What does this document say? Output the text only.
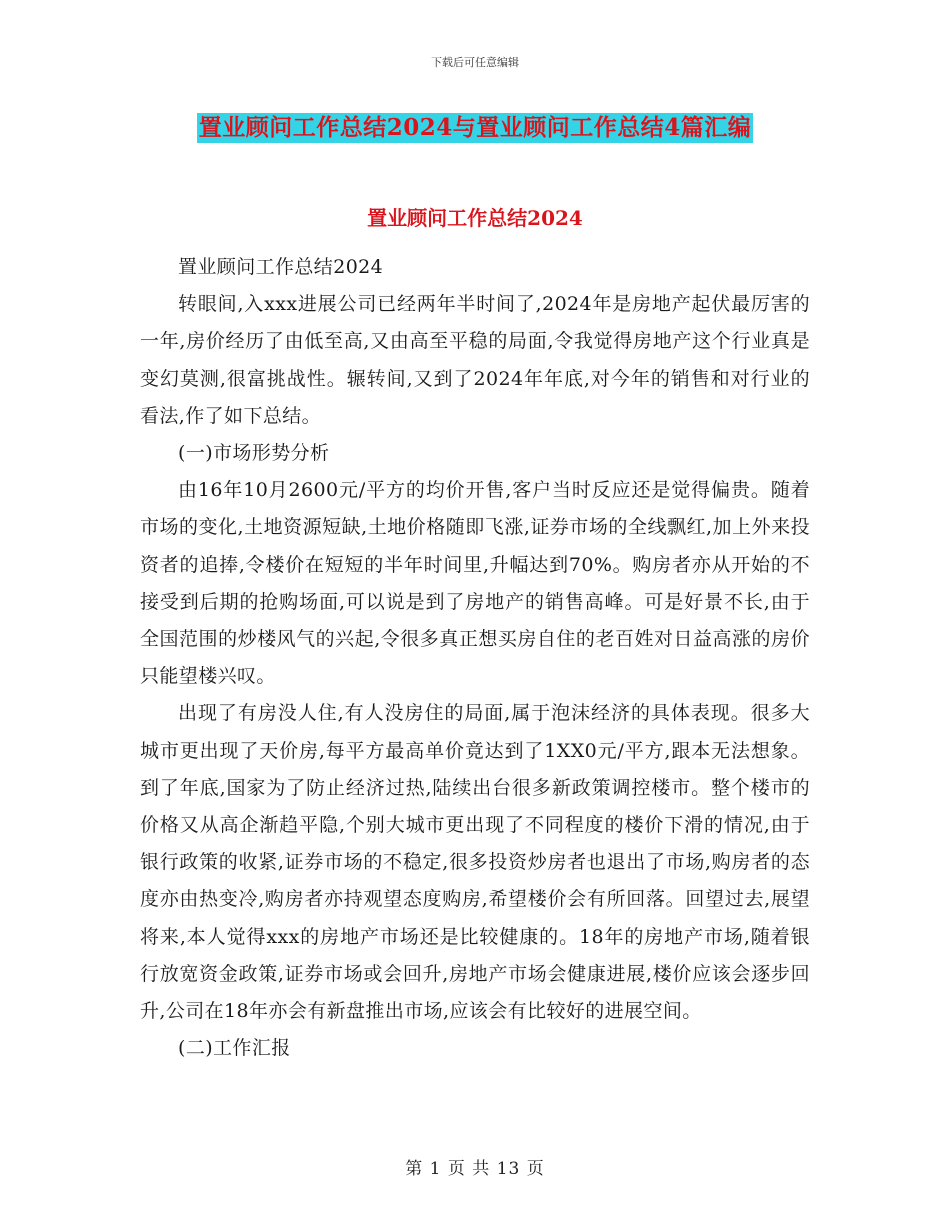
下载后可任意编辑
置业顾问工作总结2024与置业顾问工作总结4篇汇编
置业顾问工作总结2024

置业顾问工作总结2024

转眼间,入xxx进展公司已经两年半时间了,2024年是房地产起伏最厉害的一年,房价经历了由低至高,又由高至平稳的局面,令我觉得房地产这个行业真是变幻莫测,很富挑战性。辗转间,又到了2024年年底,对今年的销售和对行业的看法,作了如下总结。

(一)市场形势分析

由16年10月2600元/平方的均价开售,客户当时反应还是觉得偏贵。随着市场的变化,土地资源短缺,土地价格随即飞涨,证券市场的全线飘红,加上外来投资者的追捧,令楼价在短短的半年时间里,升幅达到70%。购房者亦从开始的不接受到后期的抢购场面,可以说是到了房地产的销售高峰。可是好景不长,由于全国范围的炒楼风气的兴起,令很多真正想买房自住的老百姓对日益高涨的房价只能望楼兴叹。

出现了有房没人住,有人没房住的局面,属于泡沫经济的具体表现。很多大城市更出现了天价房,每平方最高单价竟达到了1XX0元/平方,跟本无法想象。到了年底,国家为了防止经济过热,陆续出台很多新政策调控楼市。整个楼市的价格又从高企渐趋平隐,个别大城市更出现了不同程度的楼价下滑的情况,由于银行政策的收紧,证券市场的不稳定,很多投资炒房者也退出了市场,购房者的态度亦由热变冷,购房者亦持观望态度购房,希望楼价会有所回落。回望过去,展望将来,本人觉得xxx的房地产市场还是比较健康的。18年的房地产市场,随着银行放宽资金政策,证券市场或会回升,房地产市场会健康进展,楼价应该会逐步回升,公司在18年亦会有新盘推出市场,应该会有比较好的进展空间。

(二)工作汇报

第 1 页 共 13 页
